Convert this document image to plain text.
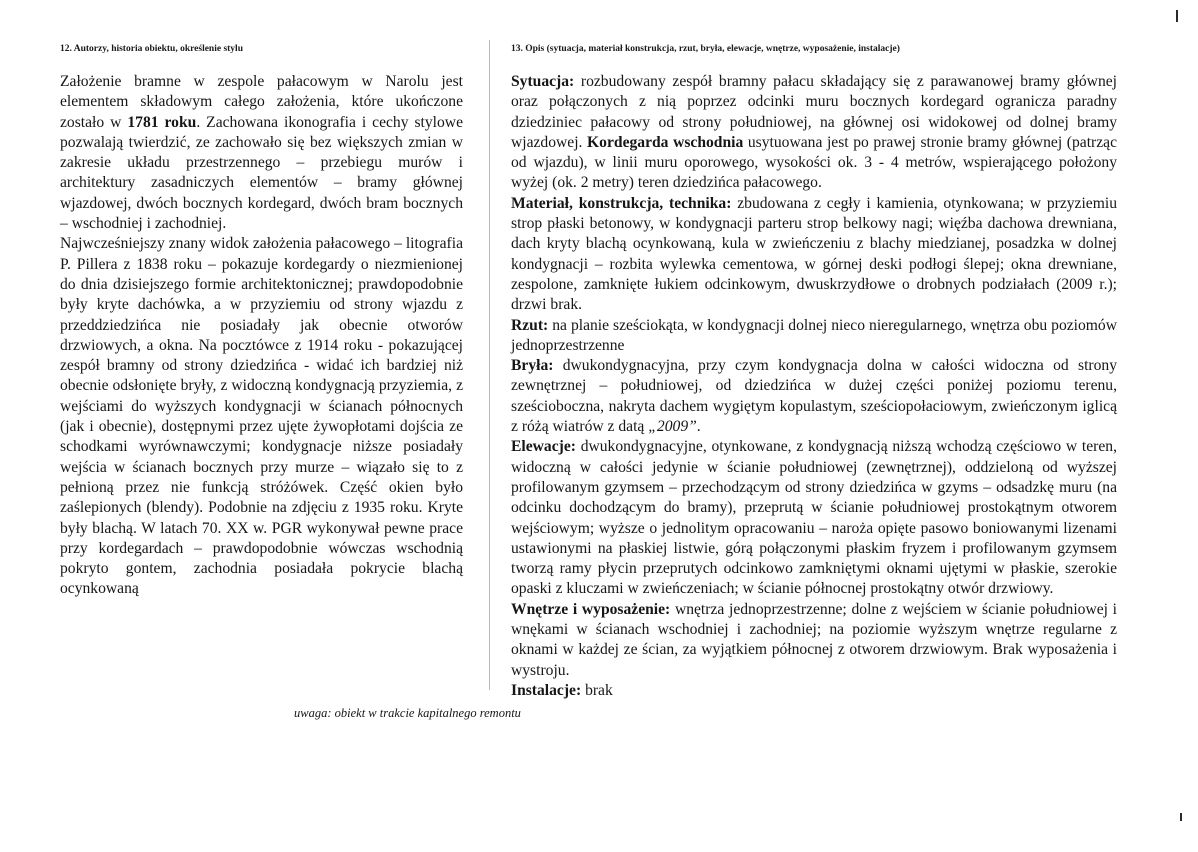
12. Autorzy, historia obiektu, określenie stylu

Założenie bramne w zespole pałacowym w Narolu jest elementem składowym całego założenia, które ukończone zostało w 1781 roku. Zachowana ikonografia i cechy stylowe pozwalają twierdzić, ze zachowało się bez większych zmian w zakresie układu przestrzennego – przebiegu murów i architektury zasadniczych elementów – bramy głównej wjazdowej, dwóch bocznych kordegard, dwóch bram bocznych – wschodniej i zachodniej.

Najwcześniejszy znany widok założenia pałacowego – litografia P. Pillera z 1838 roku – pokazuje kordegardy o niezmienionej do dnia dzisiejszego formie architektonicznej; prawdopodobnie były kryte dachówka, a w przyziemiu od strony wjazdu z przeddziedzińca nie posiadały jak obecnie otworów drzwiowych, a okna. Na pocztówce z 1914 roku - pokazującej zespół bramny od strony dziedzińca - widać ich bardziej niż obecnie odsłonięte bryły, z widoczną kondygnacją przyziemia, z wejściami do wyższych kondygnacji w ścianach północnych (jak i obecnie), dostępnymi przez ujęte żywopłotami dojścia ze schodkami wyrównawczymi; kondygnacje niższe posiadały wejścia w ścianach bocznych przy murze – wiązało się to z pełnioną przez nie funkcją stróżówek. Część okien było zaślepionych (blendy). Podobnie na zdjęciu z 1935 roku. Kryte były blachą. W latach 70. XX w. PGR wykonywał pewne prace przy kordegardach – prawdopodobnie wówczas wschodnią pokryto gontem, zachodnia posiadała pokrycie blachą ocynkowaną

13. Opis (sytuacja, materiał konstrukcja, rzut, bryła, elewacje, wnętrze, wyposażenie, instalacje)

Sytuacja: rozbudowany zespół bramny pałacu składający się z parawanowej bramy głównej oraz połączonych z nią poprzez odcinki muru bocznych kordegard ogranicza paradny dziedziniec pałacowy od strony południowej, na głównej osi widokowej od dolnej bramy wjazdowej. Kordegarda wschodnia usytuowana jest po prawej stronie bramy głównej (patrząc od wjazdu), w linii muru oporowego, wysokości ok. 3 - 4 metrów, wspierającego położony wyżej (ok. 2 metry) teren dziedzińca pałacowego.

Materiał, konstrukcja, technika: zbudowana z cegły i kamienia, otynkowana; w przyziemiu strop płaski betonowy, w kondygnacji parteru strop belkowy nagi; więźba dachowa drewniana, dach kryty blachą ocynkowaną, kula w zwieńczeniu z blachy miedzianej, posadzka w dolnej kondygnacji – rozbita wylewka cementowa, w górnej deski podłogi ślepej; okna drewniane, zespolone, zamknięte łukiem odcinkowym, dwuskrzydłowe o drobnych podziałach (2009 r.); drzwi brak.

Rzut: na planie sześciokąta, w kondygnacji dolnej nieco nieregularnego, wnętrza obu poziomów jednoprzestrzenne

Bryła: dwukondygnacyjna, przy czym kondygnacja dolna w całości widoczna od strony zewnętrznej – południowej, od dziedzińca w dużej części poniżej poziomu terenu, sześcioboczna, nakryta dachem wygiętym kopulastym, sześciopołaciowym, zwieńczonym iglicą z różą wiatrów z datą „2009”.

Elewacje: dwukondygnacyjne, otynkowane, z kondygnacją niższą wchodzą częściowo w teren, widoczną w całości jedynie w ścianie południowej (zewnętrznej), oddzieloną od wyższej profilowanym gzymsem – przechodzącym od strony dziedzińca w gzyms – odsadzkę muru (na odcinku dochodzącym do bramy), przeprutą w ścianie południowej prostokątnym otworem wejściowym; wyższe o jednolitym opracowaniu – naroża opięte pasowo boniowanymi lizenami ustawionymi na płaskiej listwie, górą połączonymi płaskim fryzem i profilowanym gzymsem tworzą ramy płycin przeprutych odcinkowo zamkniętymi oknami ujętymi w płaskie, szerokie opaski z kluczami w zwieńczeniach; w ścianie północnej prostokątny otwór drzwiowy.

Wnętrze i wyposażenie: wnętrza jednoprzestrzenne; dolne z wejściem w ścianie południowej i wnękami w ścianach wschodniej i zachodniej; na poziomie wyższym wnętrze regularne z oknami w każdej ze ścian, za wyjątkiem północnej z otworem drzwiowym. Brak wyposażenia i wystroju.

Instalacje: brak

uwaga: obiekt w trakcie kapitalnego remontu
